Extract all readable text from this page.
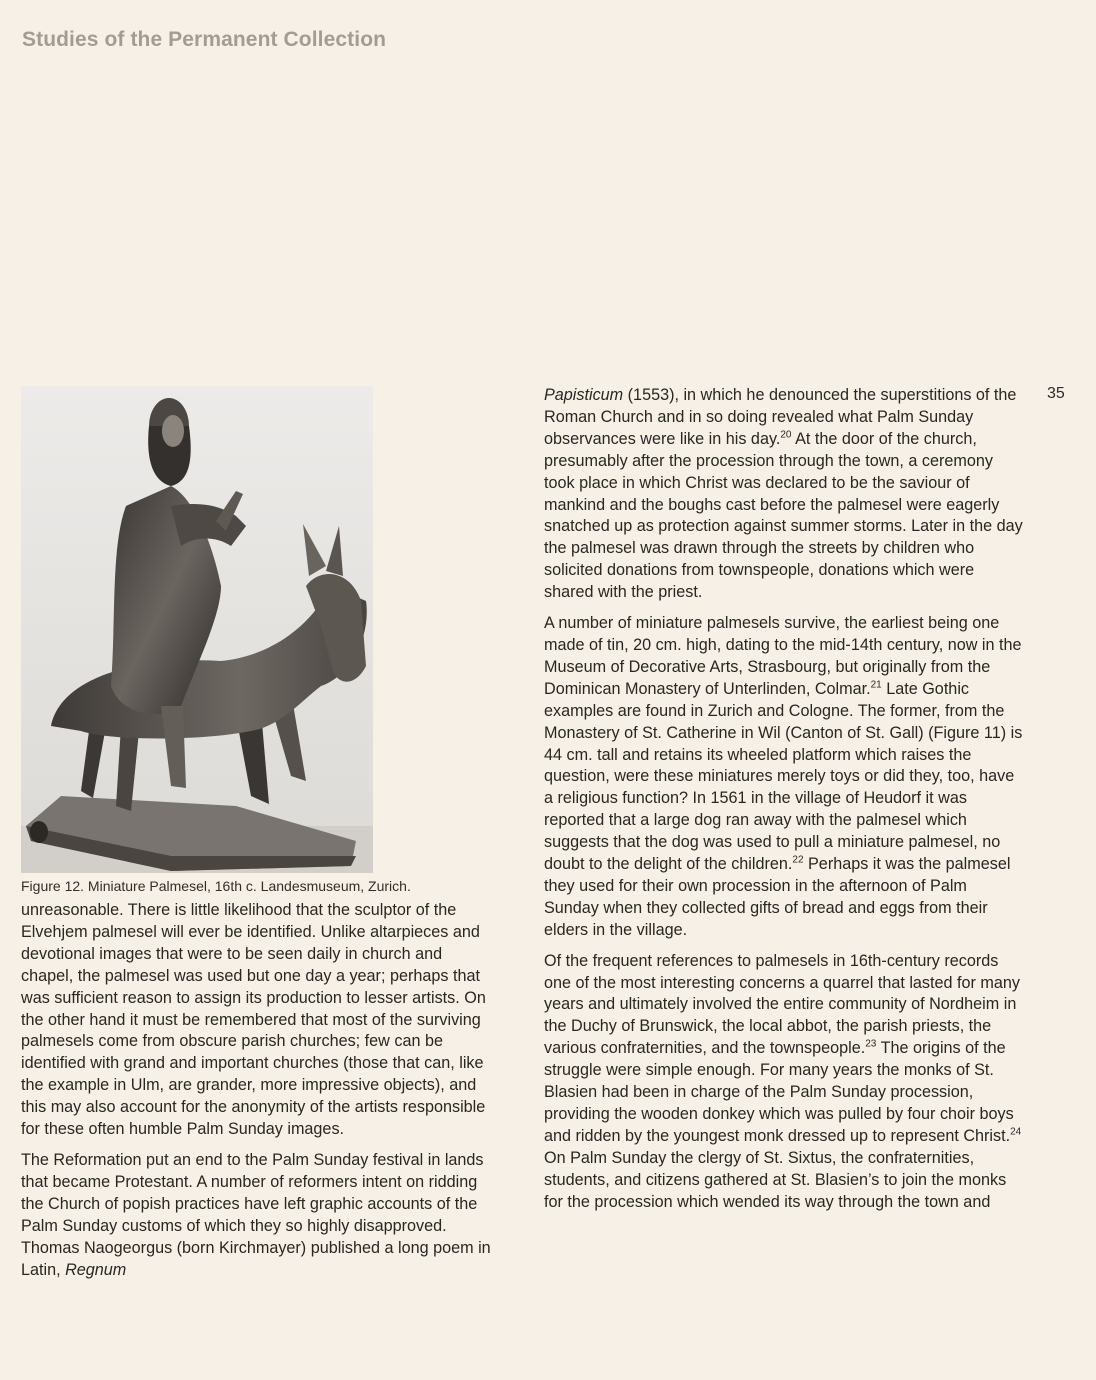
Studies of the Permanent Collection
35
Figure 12. Miniature Palmesel, 16th c. Landesmuseum, Zurich.

unreasonable. There is little likelihood that the sculptor of the Elvehjem palmesel will ever be identified. Unlike altarpieces and devotional images that were to be seen daily in church and chapel, the palmesel was used but one day a year; perhaps that was sufficient reason to assign its production to lesser artists. On the other hand it must be remembered that most of the surviving palmesels come from obscure parish churches; few can be identified with grand and important churches (those that can, like the example in Ulm, are grander, more impressive objects), and this may also account for the anonymity of the artists responsible for these often humble Palm Sunday images.

The Reformation put an end to the Palm Sunday festival in lands that became Protestant. A number of reformers intent on ridding the Church of popish practices have left graphic accounts of the Palm Sunday customs of which they so highly disapproved. Thomas Naogeorgus (born Kirchmayer) published a long poem in Latin, Regnum

Papisticum (1553), in which he denounced the superstitions of the Roman Church and in so doing revealed what Palm Sunday observances were like in his day.$^{20}$ At the door of the church, presumably after the procession through the town, a ceremony took place in which Christ was declared to be the saviour of mankind and the boughs cast before the palmesel were eagerly snatched up as protection against summer storms. Later in the day the palmesel was drawn through the streets by children who solicited donations from townspeople, donations which were shared with the priest.

A number of miniature palmesels survive, the earliest being one made of tin, 20 cm. high, dating to the mid-14th century, now in the Museum of Decorative Arts, Strasbourg, but originally from the Dominican Monastery of Unterlinden, Colmar.$^{21}$ Late Gothic examples are found in Zurich and Cologne. The former, from the Monastery of St. Catherine in Wil (Canton of St. Gall) (Figure 11) is 44 cm. tall and retains its wheeled platform which raises the question, were these miniatures merely toys or did they, too, have a religious function? In 1561 in the village of Heudorf it was reported that a large dog ran away with the palmesel which suggests that the dog was used to pull a miniature palmesel, no doubt to the delight of the children.$^{22}$ Perhaps it was the palmesel they used for their own procession in the afternoon of Palm Sunday when they collected gifts of bread and eggs from their elders in the village.

Of the frequent references to palmesels in 16th-century records one of the most interesting concerns a quarrel that lasted for many years and ultimately involved the entire community of Nordheim in the Duchy of Brunswick, the local abbot, the parish priests, the various confraternities, and the townspeople.$^{23}$ The origins of the struggle were simple enough. For many years the monks of St. Blasien had been in charge of the Palm Sunday procession, providing the wooden donkey which was pulled by four choir boys and ridden by the youngest monk dressed up to represent Christ.$^{24}$ On Palm Sunday the clergy of St. Sixtus, the confraternities, students, and citizens gathered at St. Blasien’s to join the monks for the procession which wended its way through the town and
